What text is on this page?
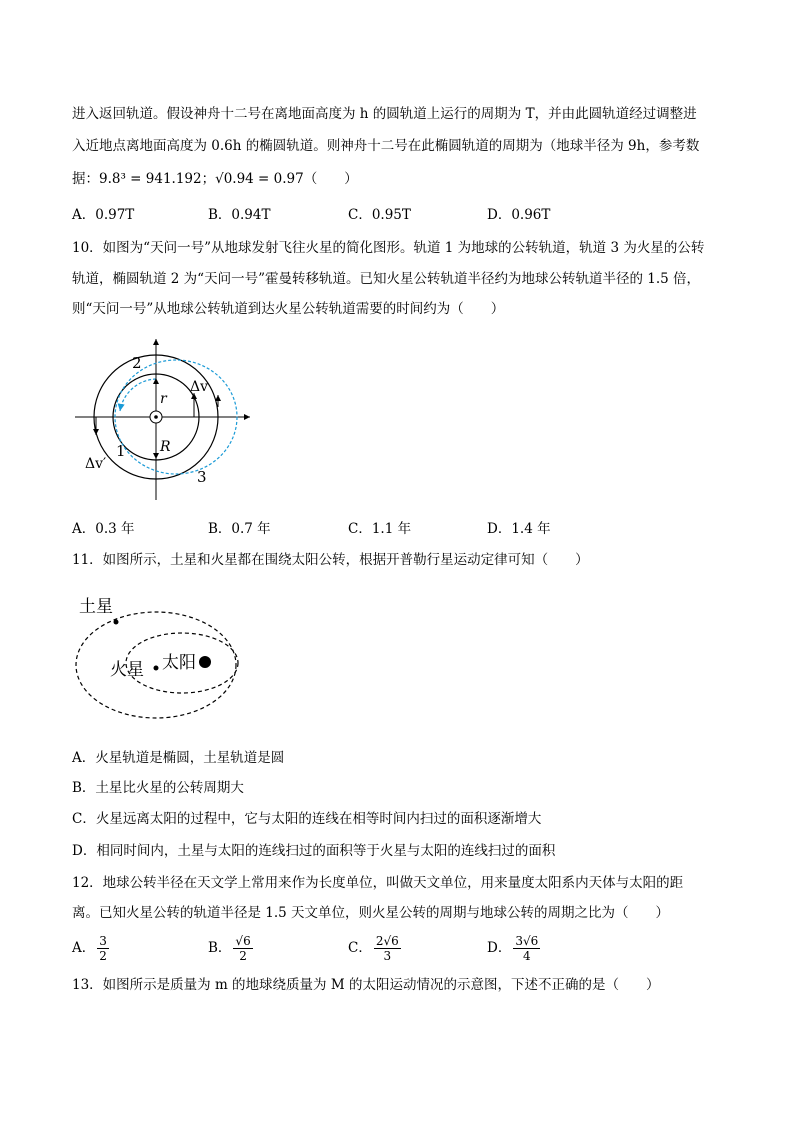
进入返回轨道。假设神舟十二号在离地面高度为 h 的圆轨道上运行的周期为 T，并由此圆轨道经过调整进
入近地点离地面高度为 0.6h 的椭圆轨道。则神舟十二号在此椭圆轨道的周期为（地球半径为 9h，参考数
据：9.8³ = 941.192；√0.94 = 0.97（　　）
A．0.97T	B．0.94T	C．0.95T	D．0.96T
10．如图为“天问一号”从地球发射飞往火星的简化图形。轨道 1 为地球的公转轨道，轨道 3 为火星的公转
轨道，椭圆轨道 2 为“天问一号”霍曼转移轨道。已知火星公转轨道半径约为地球公转轨道半径的 1.5 倍，
则“天问一号”从地球公转轨道到达火星公转轨道需要的时间约为（　　）
2
r
Δv
R
1
Δv′
3
A．0.3 年	B．0.7 年	C．1.1 年	D．1.4 年
11．如图所示，土星和火星都在围绕太阳公转，根据开普勒行星运动定律可知（　　）
土星
火星 太阳
A．火星轨道是椭圆，土星轨道是圆
B．土星比火星的公转周期大
C．火星远离太阳的过程中，它与太阳的连线在相等时间内扫过的面积逐渐增大
D．相同时间内，土星与太阳的连线扫过的面积等于火星与太阳的连线扫过的面积
12．地球公转半径在天文学上常用来作为长度单位，叫做天文单位，用来量度太阳系内天体与太阳的距
离。已知火星公转的轨道半径是 1.5 天文单位，则火星公转的周期与地球公转的周期之比为（　　）
A． $\frac{3}{2}$	B． $\frac{√6}{2}$	C． $\frac{2√6}{3}$	D． $\frac{3√6}{4}$
13．如图所示是质量为 m 的地球绕质量为 M 的太阳运动情况的示意图，下述不正确的是（　　）
